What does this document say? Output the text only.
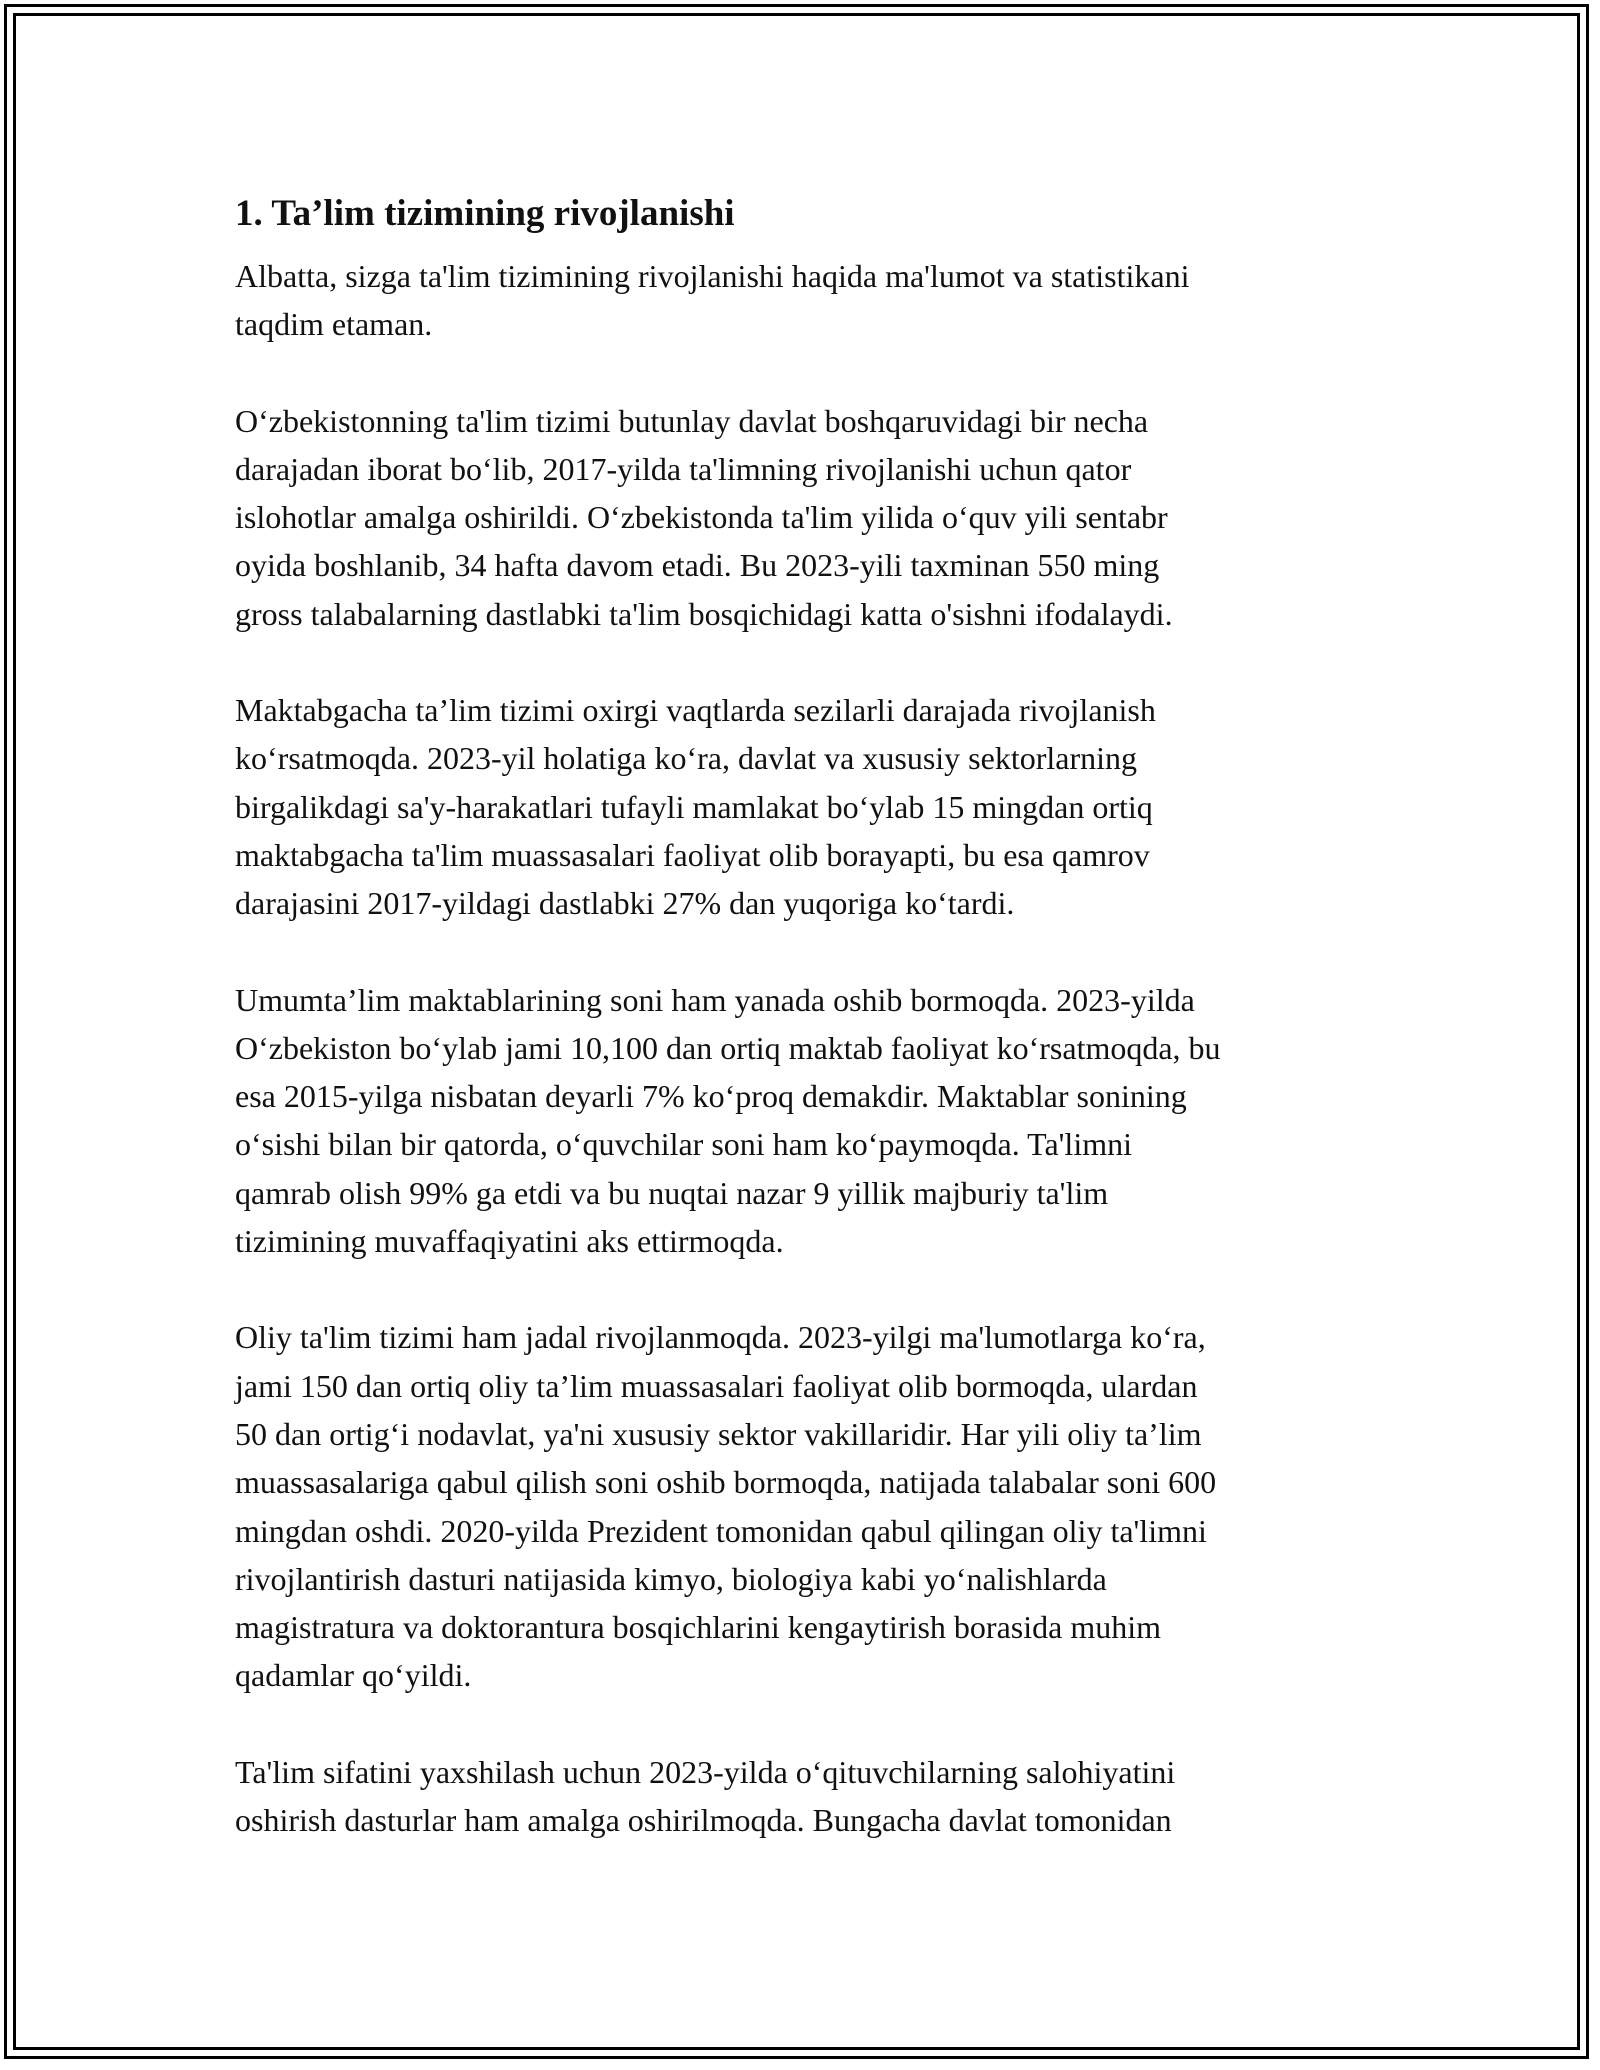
1. Ta’lim tizimining rivojlanishi

Albatta, sizga ta'lim tizimining rivojlanishi haqida ma'lumot va statistikani
taqdim etaman.

O‘zbekistonning ta'lim tizimi butunlay davlat boshqaruvidagi bir necha
darajadan iborat bo‘lib, 2017-yilda ta'limning rivojlanishi uchun qator
islohotlar amalga oshirildi. O‘zbekistonda ta'lim yilida o‘quv yili sentabr
oyida boshlanib, 34 hafta davom etadi. Bu 2023-yili taxminan 550 ming
gross talabalarning dastlabki ta'lim bosqichidagi katta o'sishni ifodalaydi.

Maktabgacha ta’lim tizimi oxirgi vaqtlarda sezilarli darajada rivojlanish
ko‘rsatmoqda. 2023-yil holatiga ko‘ra, davlat va xususiy sektorlarning
birgalikdagi sa'y-harakatlari tufayli mamlakat bo‘ylab 15 mingdan ortiq
maktabgacha ta'lim muassasalari faoliyat olib borayapti, bu esa qamrov
darajasini 2017-yildagi dastlabki 27% dan yuqoriga ko‘tardi.

Umumta’lim maktablarining soni ham yanada oshib bormoqda. 2023-yilda
O‘zbekiston bo‘ylab jami 10,100 dan ortiq maktab faoliyat ko‘rsatmoqda, bu
esa 2015-yilga nisbatan deyarli 7% ko‘proq demakdir. Maktablar sonining
o‘sishi bilan bir qatorda, o‘quvchilar soni ham ko‘paymoqda. Ta'limni
qamrab olish 99% ga etdi va bu nuqtai nazar 9 yillik majburiy ta'lim
tizimining muvaffaqiyatini aks ettirmoqda.

Oliy ta'lim tizimi ham jadal rivojlanmoqda. 2023-yilgi ma'lumotlarga ko‘ra,
jami 150 dan ortiq oliy ta’lim muassasalari faoliyat olib bormoqda, ulardan
50 dan ortig‘i nodavlat, ya'ni xususiy sektor vakillaridir. Har yili oliy ta’lim
muassasalariga qabul qilish soni oshib bormoqda, natijada talabalar soni 600
mingdan oshdi. 2020-yilda Prezident tomonidan qabul qilingan oliy ta'limni
rivojlantirish dasturi natijasida kimyo, biologiya kabi yo‘nalishlarda
magistratura va doktorantura bosqichlarini kengaytirish borasida muhim
qadamlar qo‘yildi.

Ta'lim sifatini yaxshilash uchun 2023-yilda o‘qituvchilarning salohiyatini
oshirish dasturlar ham amalga oshirilmoqda. Bungacha davlat tomonidan
